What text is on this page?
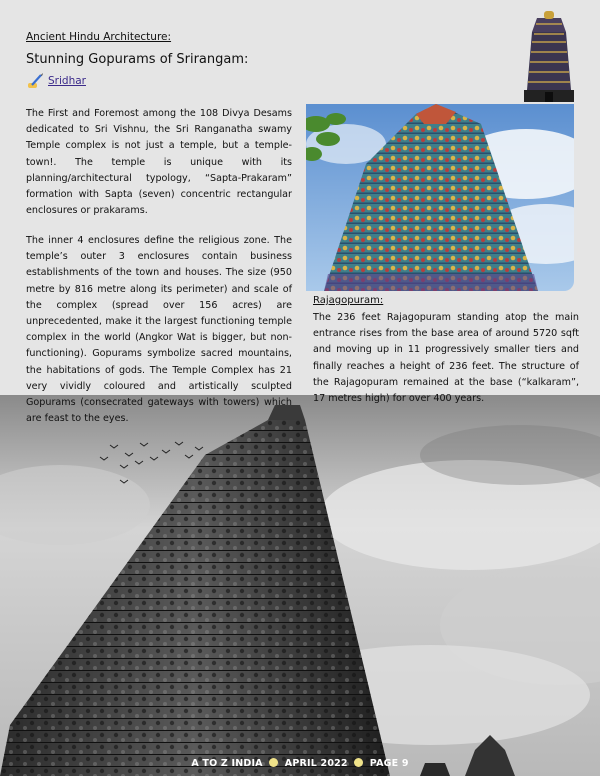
Ancient Hindu Architecture:
Stunning Gopurams of Srirangam:
Sridhar
The First and Foremost among the 108 Divya Desams dedicated to Sri Vishnu, the Sri Ranganatha swamy Temple complex is not just a temple, but a temple-town!. The temple is unique with its planning/architectural typology, “Sapta-Prakaram” formation with Sapta (seven) concentric rectangular enclosures or prakarams.
The inner 4 enclosures define the religious zone. The temple’s outer 3 enclosures contain business establishments of the town and houses. The size (950 metre by 816 metre along its perimeter) and scale of the complex (spread over 156 acres) are unprecedented, make it the largest functioning temple complex in the world (Angkor Wat is bigger, but non-functioning). Gopurams symbolize sacred mountains, the habitations of gods. The Temple Complex has 21 very vividly coloured and artistically sculpted Gopurams (consecrated gateways with towers) which are feast to the eyes.
Rajagopuram:
The 236 feet Rajagopuram standing atop the main entrance rises from the base area of around 5720 sqft and moving up in 11 progressively smaller tiers and finally reaches a height of 236 feet. The structure of the Rajagopuram remained at the base (“kalkaram”, 17 metres high) for over 400 years.
A TO Z INDIA APRIL 2022 PAGE 9
